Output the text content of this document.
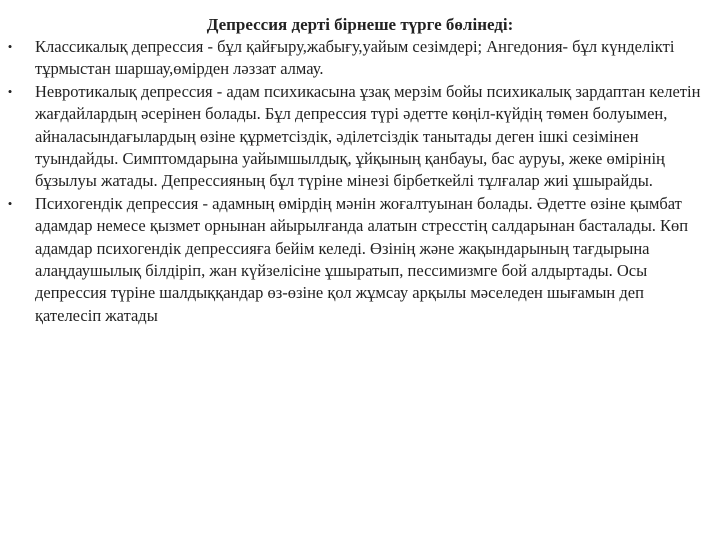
Депрессия дерті бірнеше түрге бөлінеді:
• Классикалық депрессия - бұл қайғыру,жабығу,уайым сезімдері; Ангедония- бұл күнделікті тұрмыстан шаршау,өмірден ләззат алмау.
• Невротикалық депрессия - адам психикасына ұзақ мерзім бойы психикалық зардаптан келетін жағдайлардың әсерінен болады. Бұл депрессия түрі әдетте көңіл-күйдің төмен болуымен, айналасындағылардың өзіне құрметсіздік, әділетсіздік танытады деген ішкі сезімінен туындайды. Симптомдарына уайымшылдық, ұйқының қанбауы, бас ауруы, жеке өмірінің бұзылуы жатады. Депрессияның бұл түріне мінезі бірбеткейлі тұлғалар жиі ұшырайды.
• Психогендік депрессия - адамның өмірдің мәнін жоғалтуынан болады. Әдетте өзіне қымбат адамдар немесе қызмет орнынан айырылғанда алатын стресстің салдарынан басталады. Көп адамдар психогендік депрессияға бейім келеді. Өзінің және жақындарының тағдырына алаңдаушылық білдіріп, жан күйзелісіне ұшыратып, пессимизмге бой алдыртады. Осы депрессия түріне шалдыққандар өз-өзіне қол жұмсау арқылы мәселеден шығамын деп қателесіп жатады
